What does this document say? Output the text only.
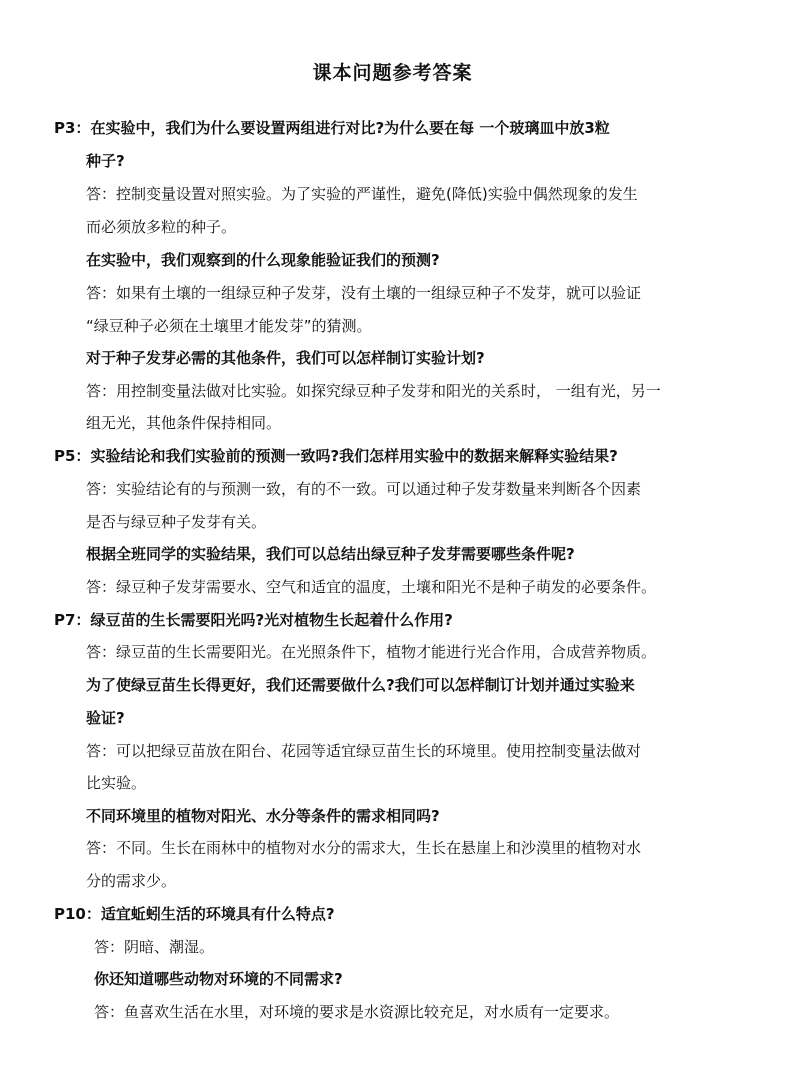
课本问题参考答案
P3：在实验中，我们为什么要设置两组进行对比?为什么要在每 一个玻璃皿中放3粒
种子?
答：控制变量设置对照实验。为了实验的严谨性，避免(降低)实验中偶然现象的发生
而必须放多粒的种子。
在实验中，我们观察到的什么现象能验证我们的预测?
答：如果有土壤的一组绿豆种子发芽，没有土壤的一组绿豆种子不发芽，就可以验证
“绿豆种子必须在土壤里才能发芽”的猜测。
对于种子发芽必需的其他条件，我们可以怎样制订实验计划?
答：用控制变量法做对比实验。如探究绿豆种子发芽和阳光的关系时， 一组有光，另一
组无光，其他条件保持相同。
P5：实验结论和我们实验前的预测一致吗?我们怎样用实验中的数据来解释实验结果?
答：实验结论有的与预测一致，有的不一致。可以通过种子发芽数量来判断各个因素
是否与绿豆种子发芽有关。
根据全班同学的实验结果，我们可以总结出绿豆种子发芽需要哪些条件呢?
答：绿豆种子发芽需要水、空气和适宜的温度，土壤和阳光不是种子萌发的必要条件。
P7：绿豆苗的生长需要阳光吗?光对植物生长起着什么作用?
答：绿豆苗的生长需要阳光。在光照条件下，植物才能进行光合作用，合成营养物质。
为了使绿豆苗生长得更好，我们还需要做什么?我们可以怎样制订计划并通过实验来
验证?
答：可以把绿豆苗放在阳台、花园等适宜绿豆苗生长的环境里。使用控制变量法做对
比实验。
不同环境里的植物对阳光、水分等条件的需求相同吗?
答：不同。生长在雨林中的植物对水分的需求大，生长在悬崖上和沙漠里的植物对水
分的需求少。
P10：适宜蚯蚓生活的环境具有什么特点?
答：阴暗、潮湿。
你还知道哪些动物对环境的不同需求?
答：鱼喜欢生活在水里，对环境的要求是水资源比较充足，对水质有一定要求。
